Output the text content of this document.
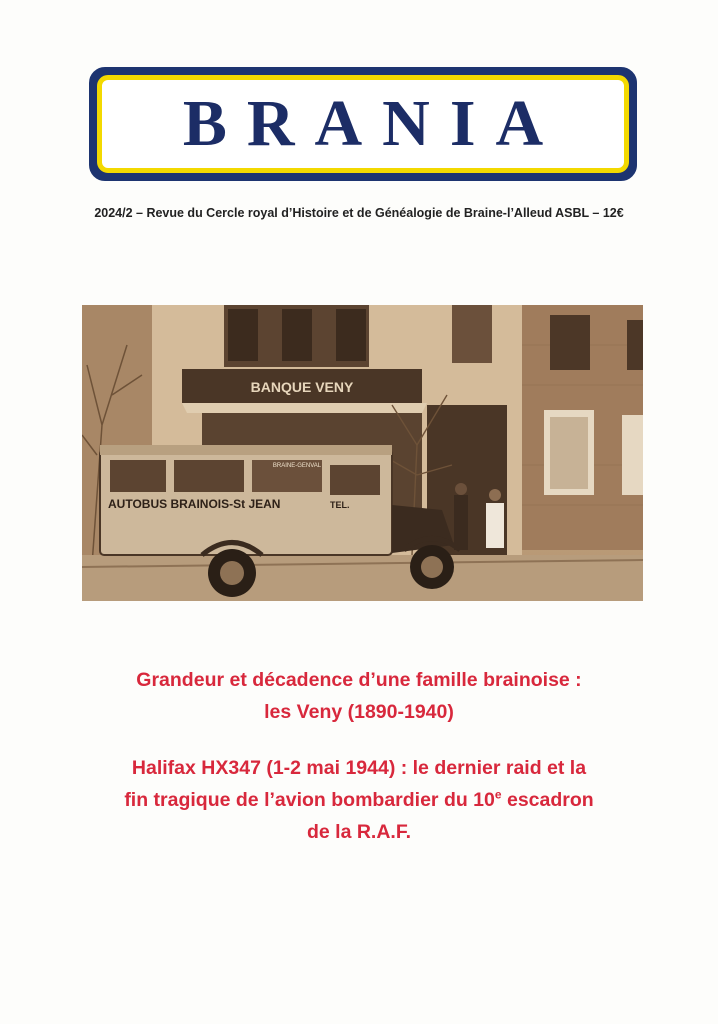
BRANIA
2024/2 – Revue du Cercle royal d’Histoire et de Généalogie de Braine-l’Alleud ASBL – 12€
BANQUE VENY
BRAINE-GENVAL
AUTOBUS BRAINOIS-St JEAN	TEL.
Grandeur et décadence d’une famille brainoise :
les Veny (1890-1940)
Halifax HX347 (1-2 mai 1944) : le dernier raid et la
fin tragique de l’avion bombardier du 10e escadron
de la R.A.F.
